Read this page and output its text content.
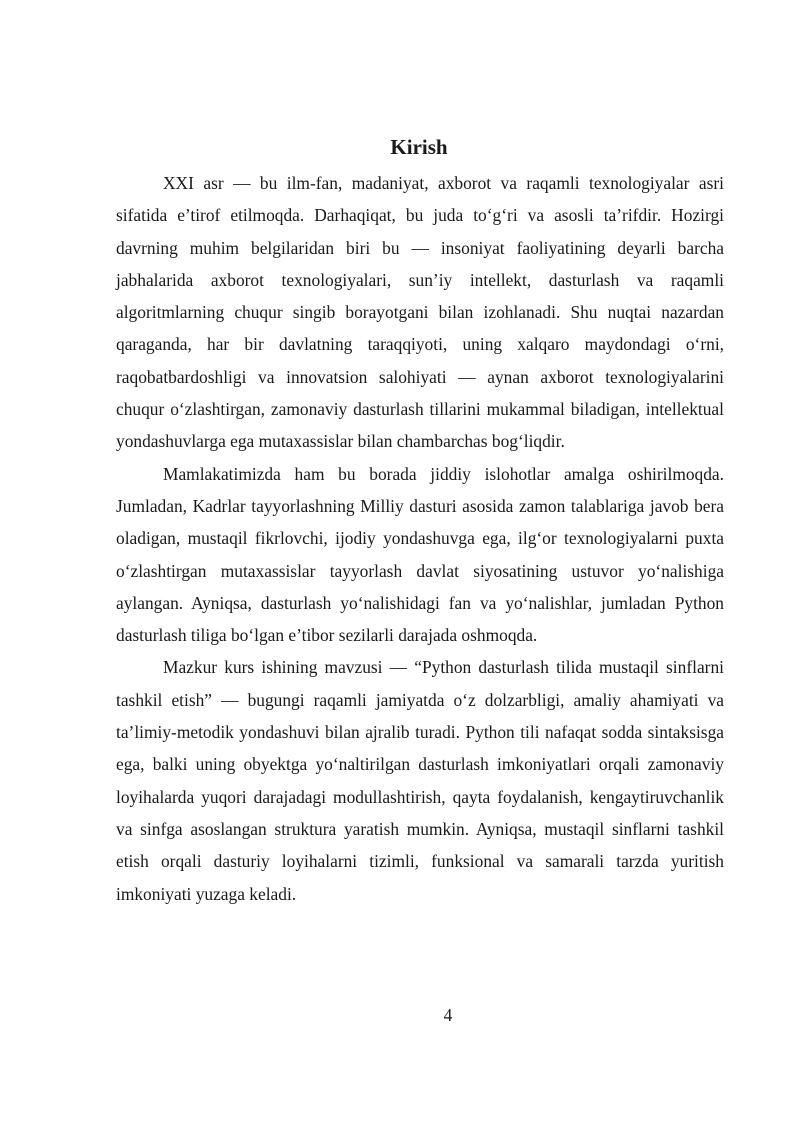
Kirish

XXI asr — bu ilm-fan, madaniyat, axborot va raqamli texnologiyalar asri sifatida e’tirof etilmoqda. Darhaqiqat, bu juda to‘g‘ri va asosli ta’rifdir. Hozirgi davrning muhim belgilaridan biri bu — insoniyat faoliyatining deyarli barcha jabhalarida axborot texnologiyalari, sun’iy intellekt, dasturlash va raqamli algoritmlarning chuqur singib borayotgani bilan izohlanadi. Shu nuqtai nazardan qaraganda, har bir davlatning taraqqiyoti, uning xalqaro maydondagi o‘rni, raqobatbardoshligi va innovatsion salohiyati — aynan axborot texnologiyalarini chuqur o‘zlashtirgan, zamonaviy dasturlash tillarini mukammal biladigan, intellektual yondashuvlarga ega mutaxassislar bilan chambarchas bog‘liqdir.

Mamlakatimizda ham bu borada jiddiy islohotlar amalga oshirilmoqda. Jumladan, Kadrlar tayyorlashning Milliy dasturi asosida zamon talablariga javob bera oladigan, mustaqil fikrlovchi, ijodiy yondashuvga ega, ilg‘or texnologiyalarni puxta o‘zlashtirgan mutaxassislar tayyorlash davlat siyosatining ustuvor yo‘nalishiga aylangan. Ayniqsa, dasturlash yo‘nalishidagi fan va yo‘nalishlar, jumladan Python dasturlash tiliga bo‘lgan e’tibor sezilarli darajada oshmoqda.

Mazkur kurs ishining mavzusi — “Python dasturlash tilida mustaqil sinflarni tashkil etish” — bugungi raqamli jamiyatda o‘z dolzarbligi, amaliy ahamiyati va ta’limiy-metodik yondashuvi bilan ajralib turadi. Python tili nafaqat sodda sintaksisga ega, balki uning obyektga yo‘naltirilgan dasturlash imkoniyatlari orqali zamonaviy loyihalarda yuqori darajadagi modullashtirish, qayta foydalanish, kengaytiruvchanlik va sinfga asoslangan struktura yaratish mumkin. Ayniqsa, mustaqil sinflarni tashkil etish orqali dasturiy loyihalarni tizimli, funksional va samarali tarzda yuritish imkoniyati yuzaga keladi.

4
